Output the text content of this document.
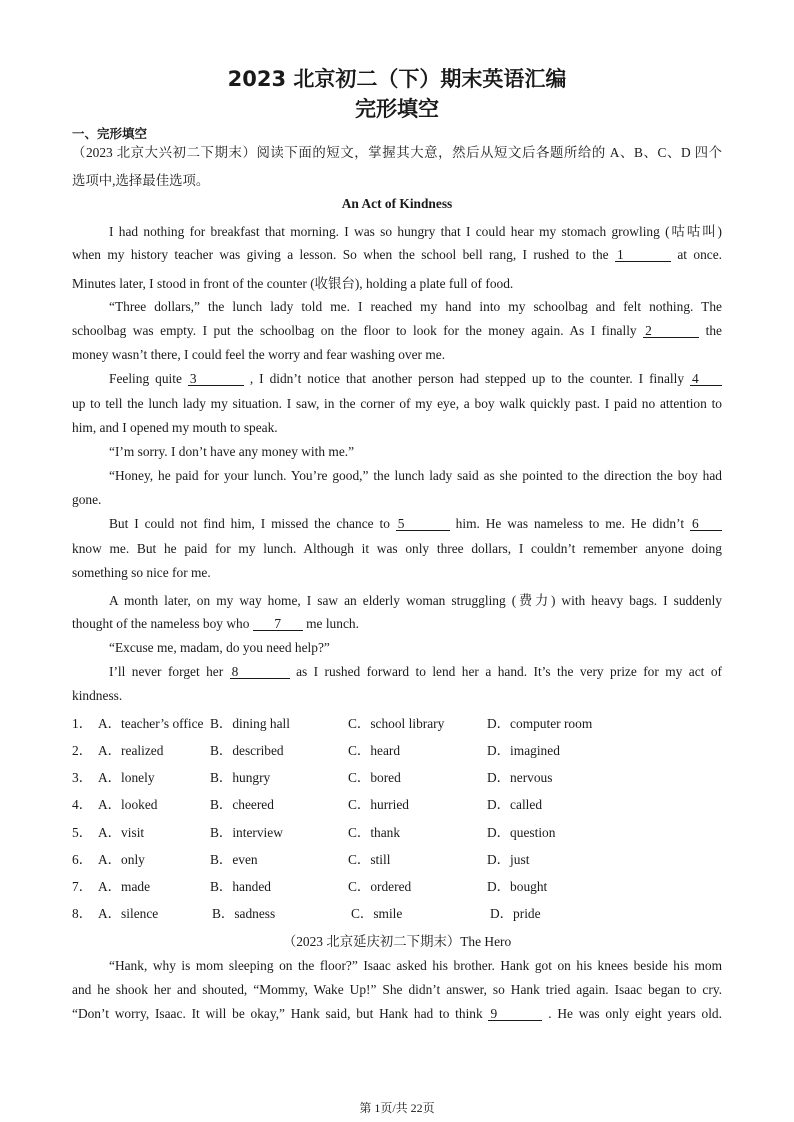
2023 北京初二（下）期末英语汇编
完形填空
一、完形填空
（2023 北京大兴初二下期末）阅读下面的短文，掌握其大意，然后从短文后各题所给的 A、B、C、D 四个
选项中,选择最佳选项。
An Act of Kindness
I had nothing for breakfast that morning. I was so hungry that I could hear my stomach growling (咕咕叫)
when my history teacher was giving a lesson. So when the school bell rang, I rushed to the 1	at once.
Minutes later, I stood in front of the counter (收银台), holding a plate full of food.
“Three dollars,” the lunch lady told me. I reached my hand into my schoolbag and felt nothing. The
schoolbag was empty. I put the schoolbag on the floor to look for the money again. As I finally 2	the
money wasn’t there, I could feel the worry and fear washing over me.
Feeling quite 3	, I didn’t notice that another person had stepped up to the counter. I finally 4
up to tell the lunch lady my situation. I saw, in the corner of my eye, a boy walk quickly past. I paid no attention to
him, and I opened my mouth to speak.
“I’m sorry. I don’t have any money with me.”
“Honey, he paid for your lunch. You’re good,” the lunch lady said as she pointed to the direction the boy had
gone.
But I could not find him, I missed the chance to 5	him. He was nameless to me. He didn’t 6
know me. But he paid for my lunch. Although it was only three dollars, I couldn’t remember anyone doing
something so nice for me.
A month later, on my way home, I saw an elderly woman struggling (费力) with heavy bags. I suddenly
thought of the nameless boy who 7 me lunch.
“Excuse me, madam, do you need help?”
I’ll never forget her 8	as I rushed forward to lend her a hand. It’s the very prize for my act of
kindness.
1． A．teacher’s office B．dining hall	C．school library	D．computer room
2． A．realized	B．described	C．heard	D．imagined
3． A．lonely	B．hungry	C．bored	D．nervous
4． A．looked	B．cheered	C．hurried	D．called
5． A．visit	B．interview	C．thank	D．question
6． A．only	B．even	C．still	D．just
7． A．made	B．handed	C．ordered	D．bought
8． A．silence	B．sadness	C．smile	D．pride
（2023 北京延庆初二下期末）The Hero
“Hank, why is mom sleeping on the floor?” Isaac asked his brother. Hank got on his knees beside his mom
and he shook her and shouted, “Mommy, Wake Up!” She didn’t answer, so Hank tried again. Isaac began to cry.
“Don’t worry, Isaac. It will be okay,” Hank said, but Hank had to think 9	. He was only eight years old.
第 1页/共 22页
